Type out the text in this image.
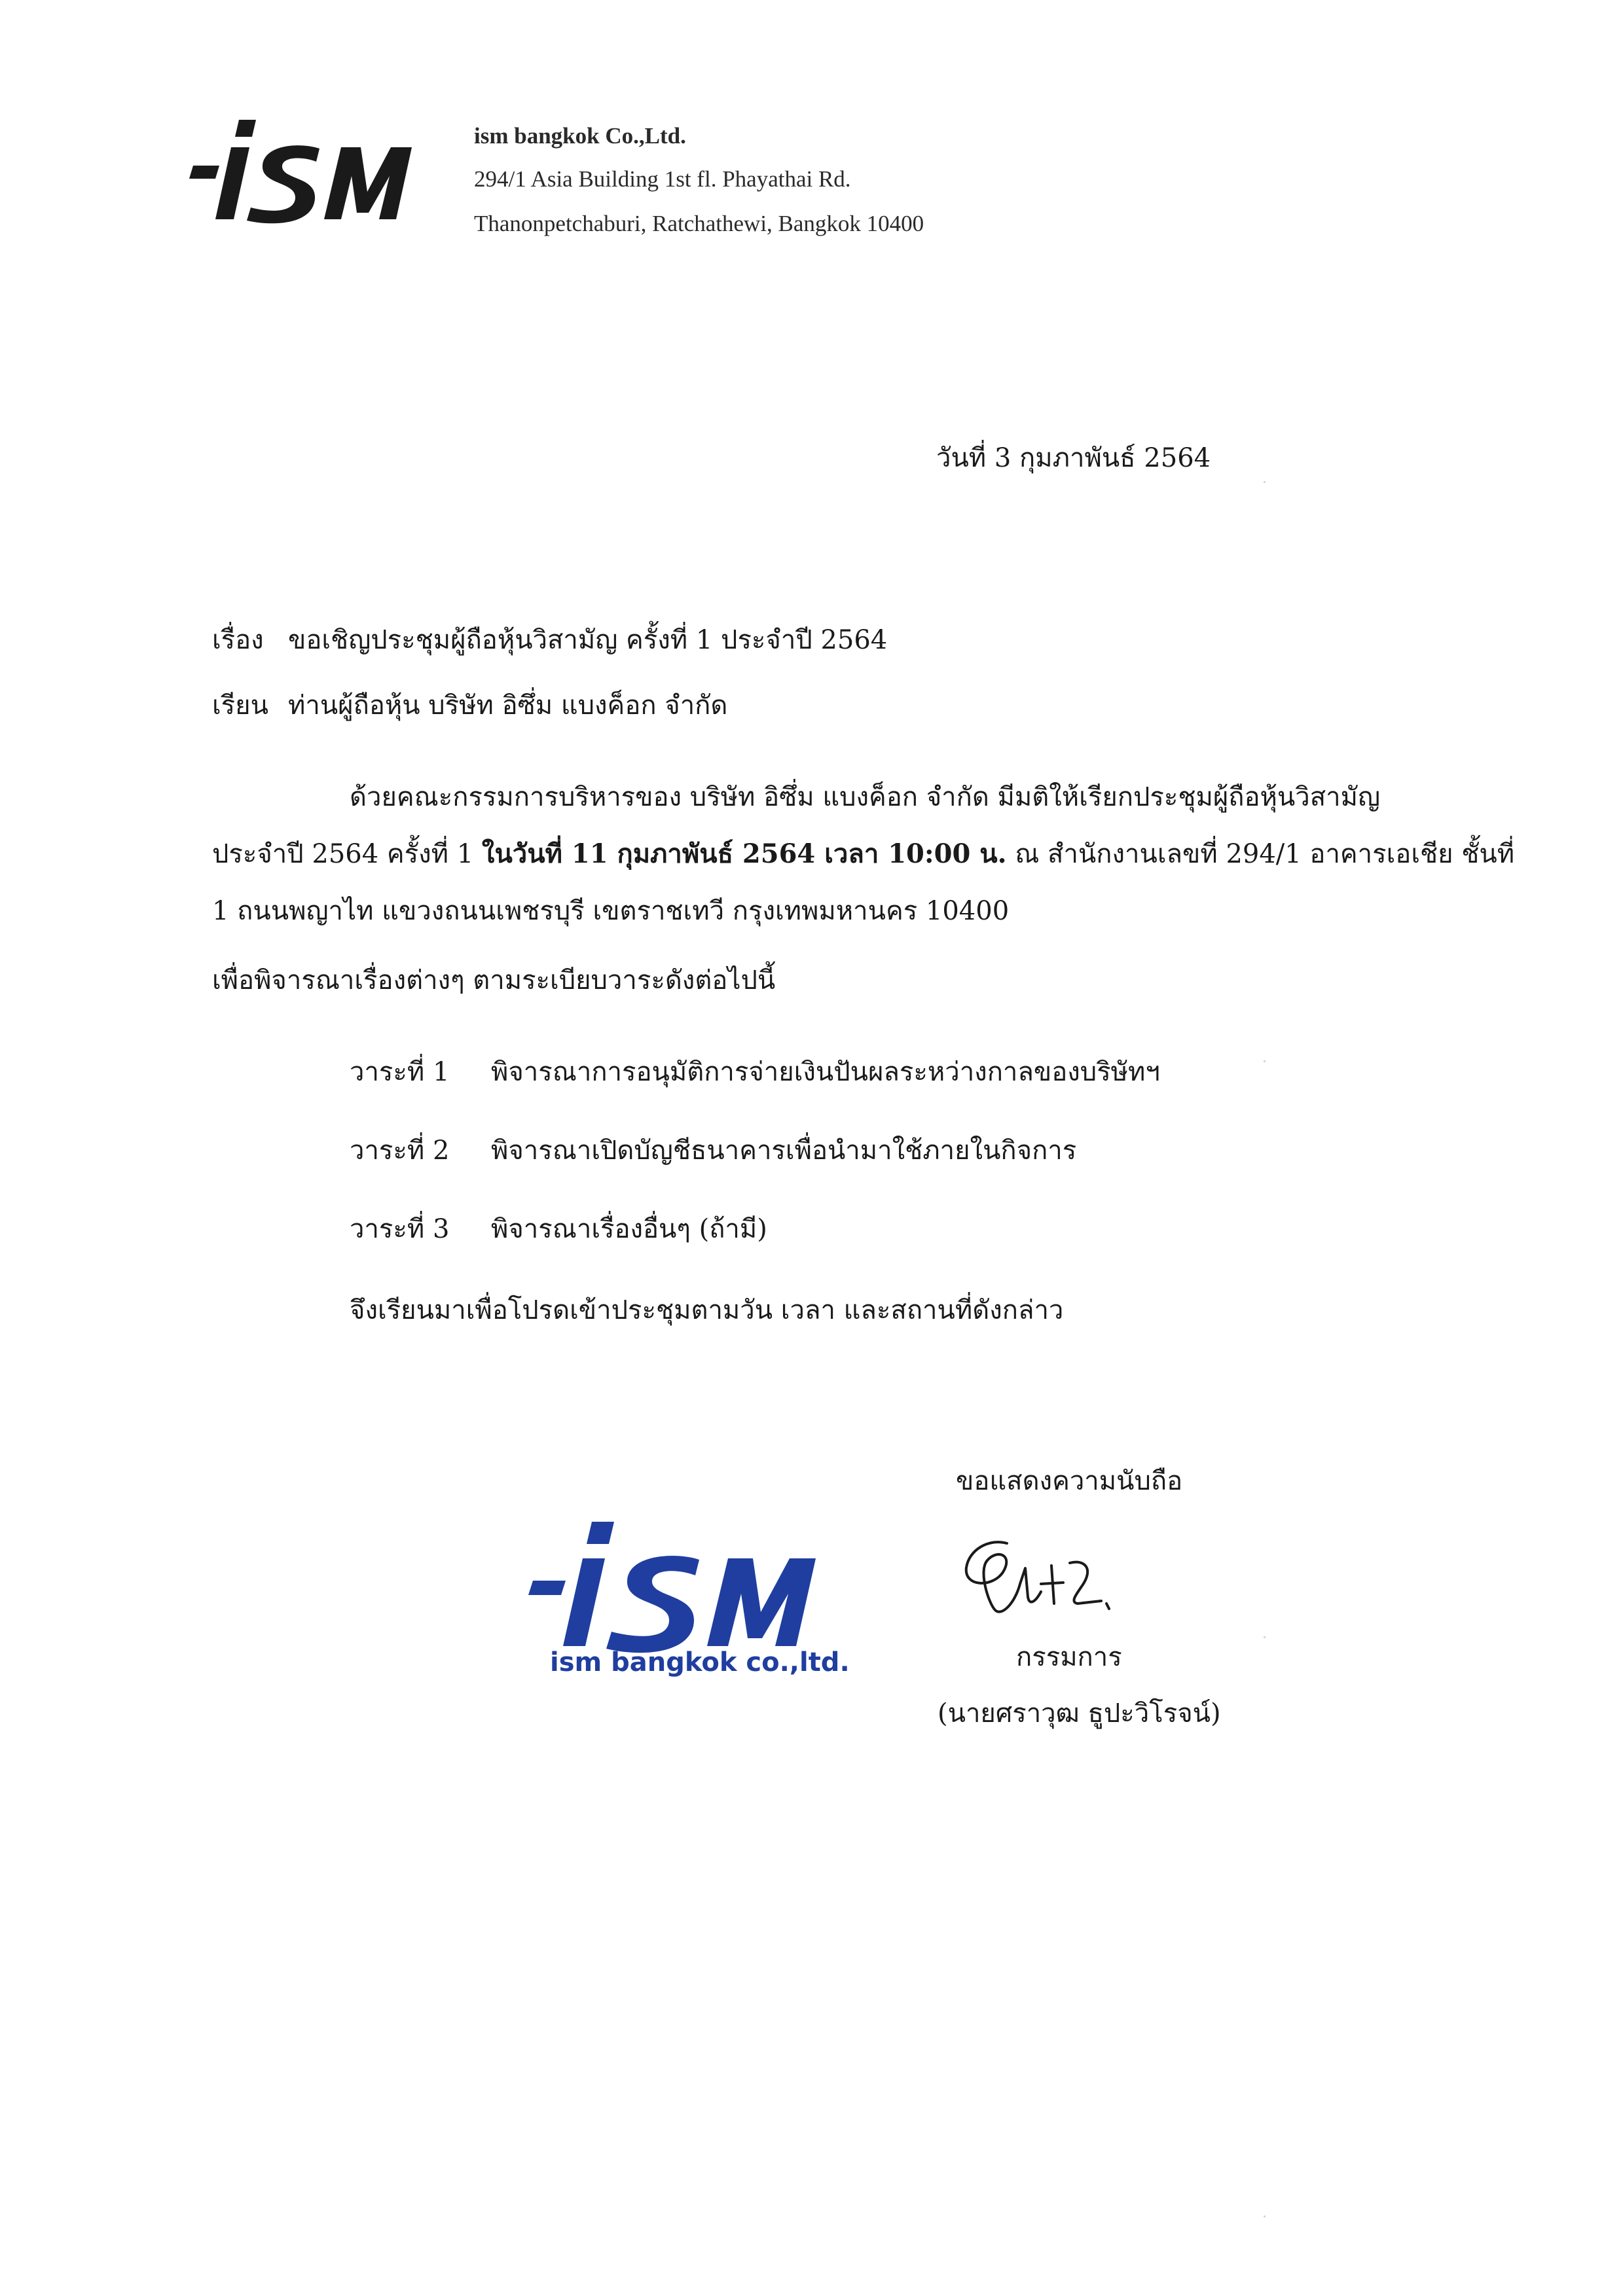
ism bangkok Co.,Ltd.
294/1 Asia Building 1st fl. Phayathai Rd.
Thanonpetchaburi, Ratchathewi, Bangkok 10400
วันที่ 3 กุมภาพันธ์ 2564
เรื่อง ขอเชิญประชุมผู้ถือหุ้นวิสามัญ ครั้งที่ 1 ประจำปี 2564
เรียน ท่านผู้ถือหุ้น บริษัท อิซึ่ม แบงค็อก จำกัด
ด้วยคณะกรรมการบริหารของ บริษัท อิซึ่ม แบงค็อก จำกัด มีมติให้เรียกประชุมผู้ถือหุ้นวิสามัญ
ประจำปี 2564 ครั้งที่ 1 ในวันที่ 11 กุมภาพันธ์ 2564 เวลา 10:00 น. ณ สำนักงานเลขที่ 294/1 อาคารเอเชีย ชั้นที่
1 ถนนพญาไท แขวงถนนเพชรบุรี เขตราชเทวี กรุงเทพมหานคร 10400
เพื่อพิจารณาเรื่องต่างๆ ตามระเบียบวาระดังต่อไปนี้
วาระที่ 1 พิจารณาการอนุมัติการจ่ายเงินปันผลระหว่างกาลของบริษัทฯ
วาระที่ 2 พิจารณาเปิดบัญชีธนาคารเพื่อนำมาใช้ภายในกิจการ
วาระที่ 3 พิจารณาเรื่องอื่นๆ (ถ้ามี)
จึงเรียนมาเพื่อโปรดเข้าประชุมตามวัน เวลา และสถานที่ดังกล่าว
ขอแสดงความนับถือ
กรรมการ
(นายศราวุฒ ธูปะวิโรจน์)
ism bangkok co.,ltd.
